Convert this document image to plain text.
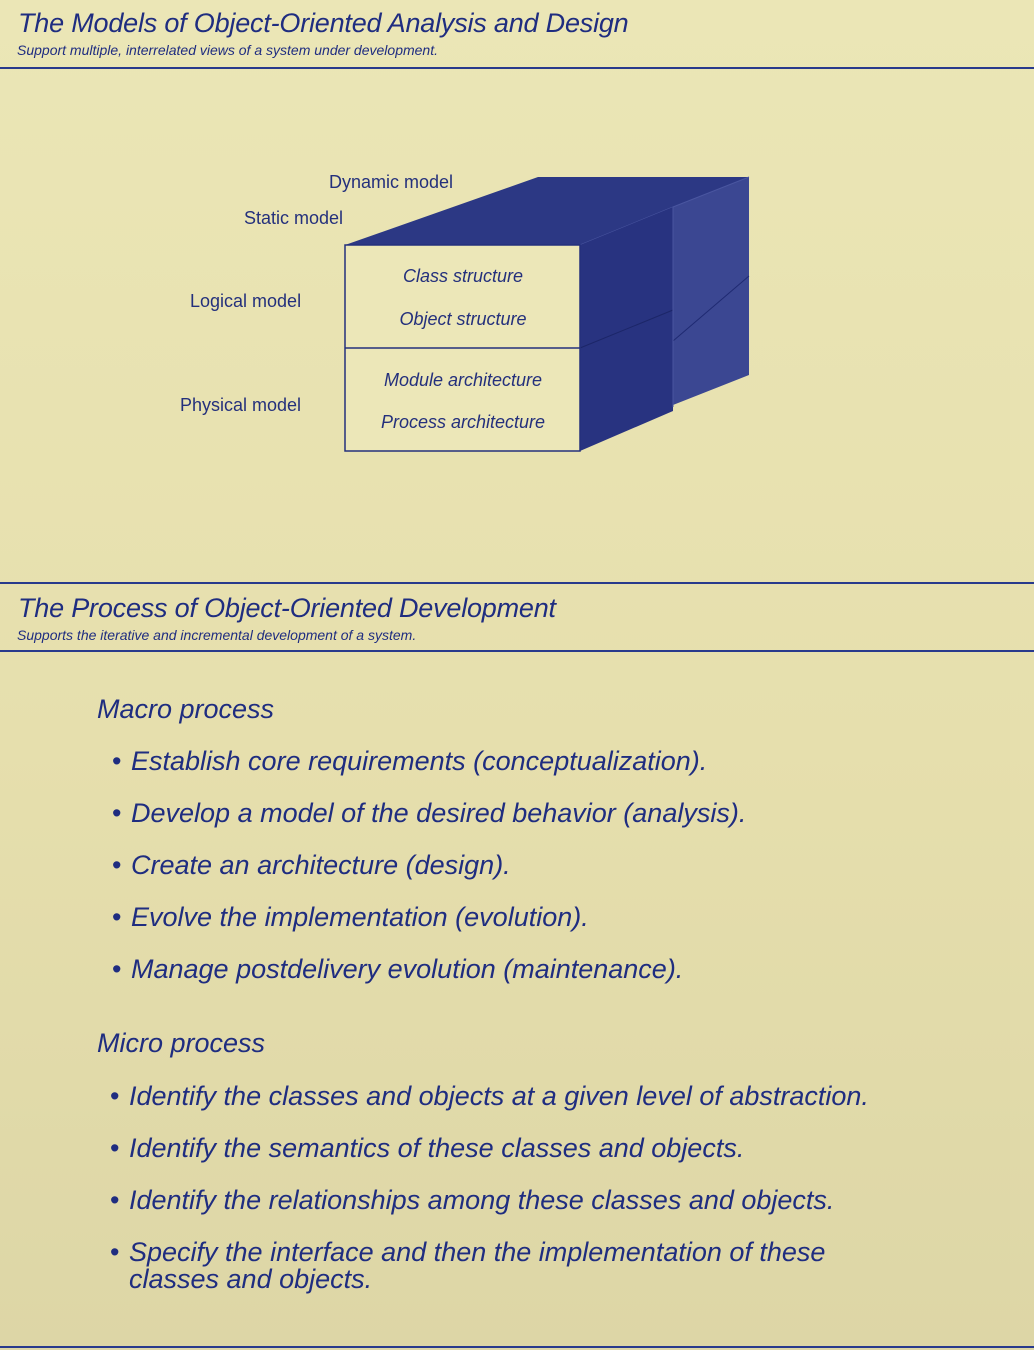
The Models of Object-Oriented Analysis and Design

Support multiple, interrelated views of a system under development.

Dynamic model
Static model
Logical model
Physical model
Class structure
Object structure
Module architecture
Process architecture
The Process of Object-Oriented Development

Supports the iterative and incremental development of a system.

Macro process
• Establish core requirements (conceptualization).
• Develop a model of the desired behavior (analysis).
• Create an architecture (design).
• Evolve the implementation (evolution).
• Manage postdelivery evolution (maintenance).
Micro process
• Identify the classes and objects at a given level of abstraction.
• Identify the semantics of these classes and objects.
• Identify the relationships among these classes and objects.
• Specify the interface and then the implementation of these classes and objects.
